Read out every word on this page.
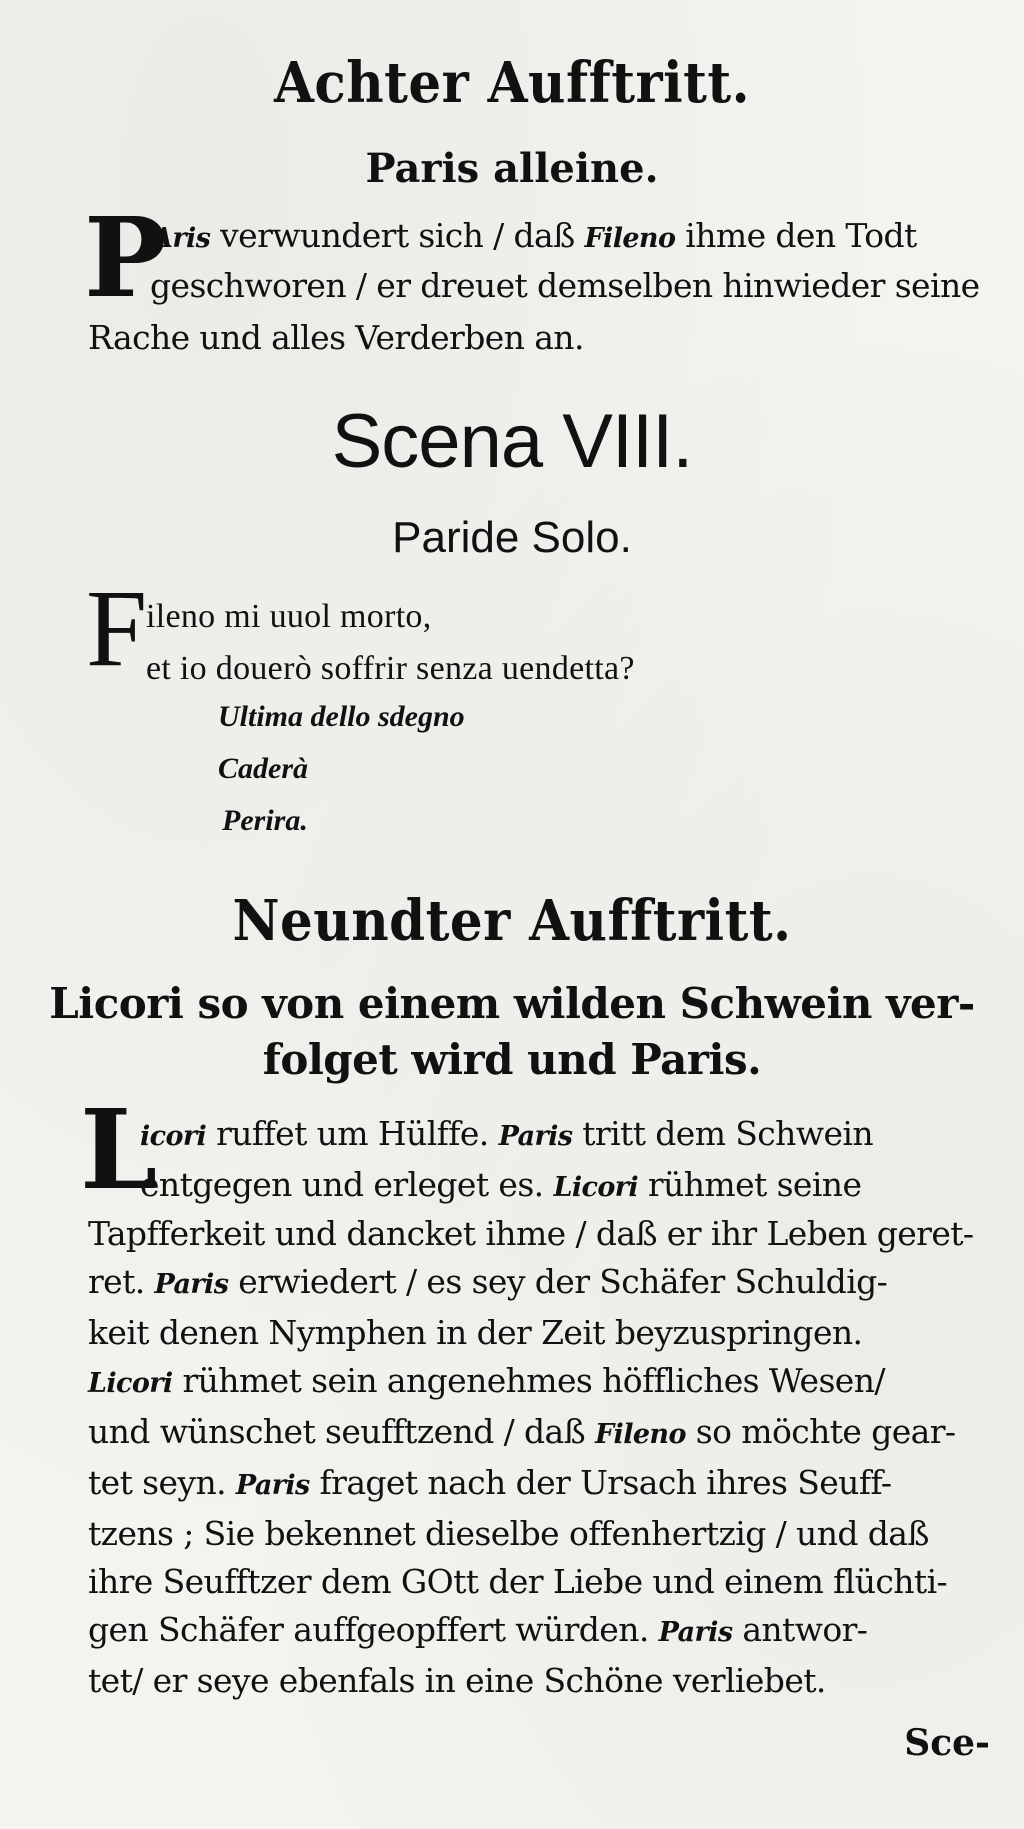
Achter Aufftritt.
Paris alleine.
P
Aris verwundert sich / daß Fileno ihme den Todt
geschworen / er dreuet demselben hinwieder seine
Rache und alles Verderben an.
Scena VIII.
Paride Solo.
F
ileno mi uuol morto,
et io douerò soffrir senza uendetta?
Ultima dello sdegno
Caderà
Perira.
Neundter Aufftritt.
Licori so von einem wilden Schwein ver-
folget wird und Paris.
L
icori ruffet um Hülffe. Paris tritt dem Schwein
entgegen und erleget es. Licori rühmet seine
Tapfferkeit und dancket ihme / daß er ihr Leben geret-
ret. Paris erwiedert / es sey der Schäfer Schuldig-
keit denen Nymphen in der Zeit beyzuspringen.
Licori rühmet sein angenehmes höffliches Wesen/
und wünschet seufftzend / daß Fileno so möchte gear-
tet seyn. Paris fraget nach der Ursach ihres Seuff-
tzens ; Sie bekennet dieselbe offenhertzig / und daß
ihre Seufftzer dem GOtt der Liebe und einem flüchti-
gen Schäfer auffgeopffert würden. Paris antwor-
tet/ er seye ebenfals in eine Schöne verliebet.
Sce-
